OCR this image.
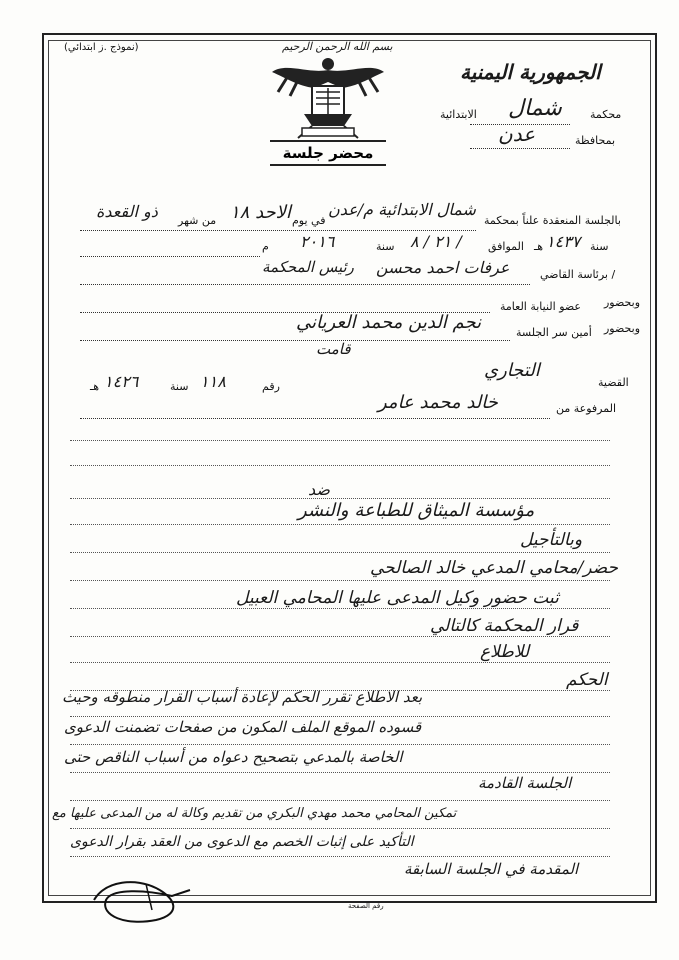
(نموذج .ز ابتدائي)	بسم الله الرحمن الرحيم
محضر جلسة
الجمهورية اليمنية
محكمة
شمال
الابتدائية
بمحافظة
عدن
بالجلسة المنعقدة علناً بمحكمة
شمال الابتدائية م/عدن
في يوم
الاحد ١٨
من شهر
ذو القعدة
سنة
١٤٣٧
هـ
الموافق
٢١ / ٨ /
سنة
٢٠١٦
م
برئاسة القاضي /
عرفات احمد محسن
رئيس المحكمة
وبحضور
عضو النيابة العامة
وبحضور
نجم الدين محمد العرياني	أمين سر الجلسة
قامت
القضية
التجاري
رقم
١١٨
سنة
١٤٢٦
هـ
المرفوعة من
خالد محمد عامر
ضد
مؤسسة الميثاق للطباعة والنشر
وبالتأجيل
حضر/محامي المدعي خالد الصالحي
ثبت حضور وكيل المدعى عليها المحامي العبيل
قرار المحكمة كالتالي
للاطلاع
الحكم
بعد الاطلاع تقرر الحكم لإعادة أسباب القرار منطوقه وحيث
قسوده الموقع الملف المكون من صفحات تضمنت الدعوى
الخاصة بالمدعي بتصحيح دعواه من أسباب الناقص حتى
الجلسة القادمة
تمكين المحامي محمد مهدي البكري من تقديم وكالة له من المدعى عليها مع
التأكيد على إثبات الخصم مع الدعوى من العقد بقرار الدعوى
المقدمة في الجلسة السابقة
رقم الصفحة
